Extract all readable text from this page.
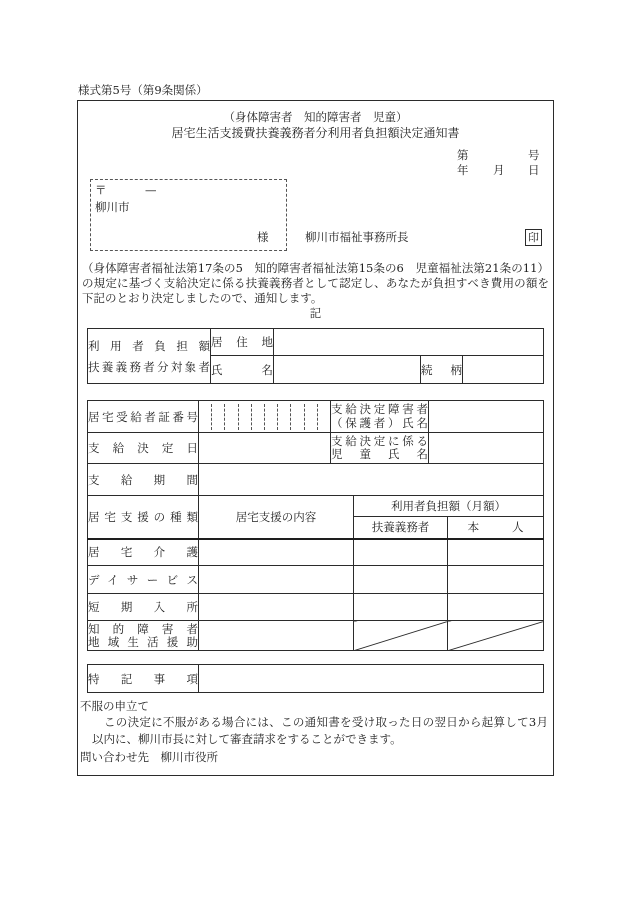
様式第5号（第9条関係）
（身体障害者　知的障害者　児童）
居宅生活支援費扶養義務者分利用者負担額決定通知書
第	号
年 月 日
〒	—
柳川市
様	柳川市福祉事務所長	印
（身体障害者福祉法第17条の5　知的障害者福祉法第15条の6　児童福祉法第21条の11）
の規定に基づく支給決定に係る扶養義務者として認定し、あなたが負担すべき費用の額を
下記のとおり決定しましたので、通知します。
記
利用者負担額
扶養義務者分対象者	居住地			

	氏名		続柄	

居宅受給者証番号		支給決定障害者
（保護者）氏名			

支給決定日		支給決定に係る
児童氏名			

支給期間					

居宅支援の種類	居宅支援の内容		利用者負担額（月額）		
			扶養義務者		本人

居宅介護					

デイサービス					

短期入所					

知的障害者
地域生活援助					

特記事項

不服の申立て
この決定に不服がある場合には、この通知書を受け取った日の翌日から起算して3月
以内に、柳川市長に対して審査請求をすることができます。
問い合わせ先　柳川市役所
